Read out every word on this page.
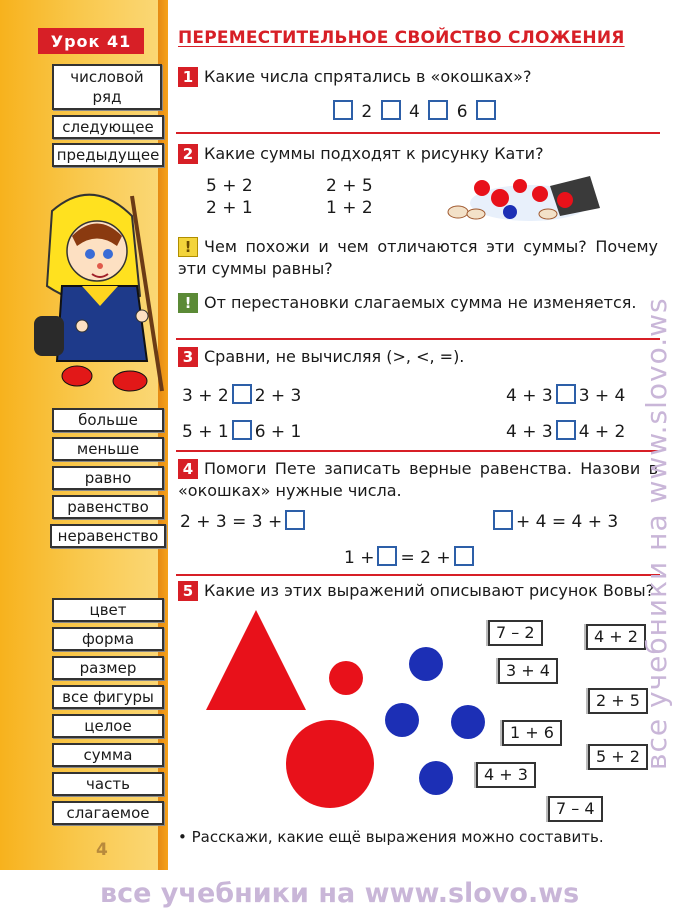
Урок 41	ПЕРЕМЕСТИТЕЛЬНОЕ СВОЙСТВО СЛОЖЕНИЯ
числовой ряд
следующее
предыдущее
больше
меньше
равно
равенство
неравенство
цвет
форма
размер
все фигуры
целое
сумма
часть
слагаемое
4
1 Какие числа спрятались в «окошках»?
2 4 6
2 Какие суммы подходят к рисунку Кати?
5 + 2	2 + 5
2 + 1	1 + 2
! Чем похожи и чем отличаются эти суммы? Почему эти суммы равны?
! От перестановки слагаемых сумма не изменяется.
3 Сравни, не вычисляя (>, <, =).
3 + 2 2 + 3	4 + 3 3 + 4
5 + 1 6 + 1	4 + 3 4 + 2
4 Помоги Пете записать верные равенства. Назови в «окошках» нужные числа.
2 + 3 = 3 +	+ 4 = 4 + 3
1 + = 2 +
5 Какие из этих выражений описывают рисунок Вовы?
7 – 2	4 + 2
3 + 4
2 + 5
1 + 6
5 + 2
4 + 3
7 – 4
• Расскажи, какие ещё выражения можно составить.
все учебники на www.slovo.ws
все учебники на www.slovo.ws
